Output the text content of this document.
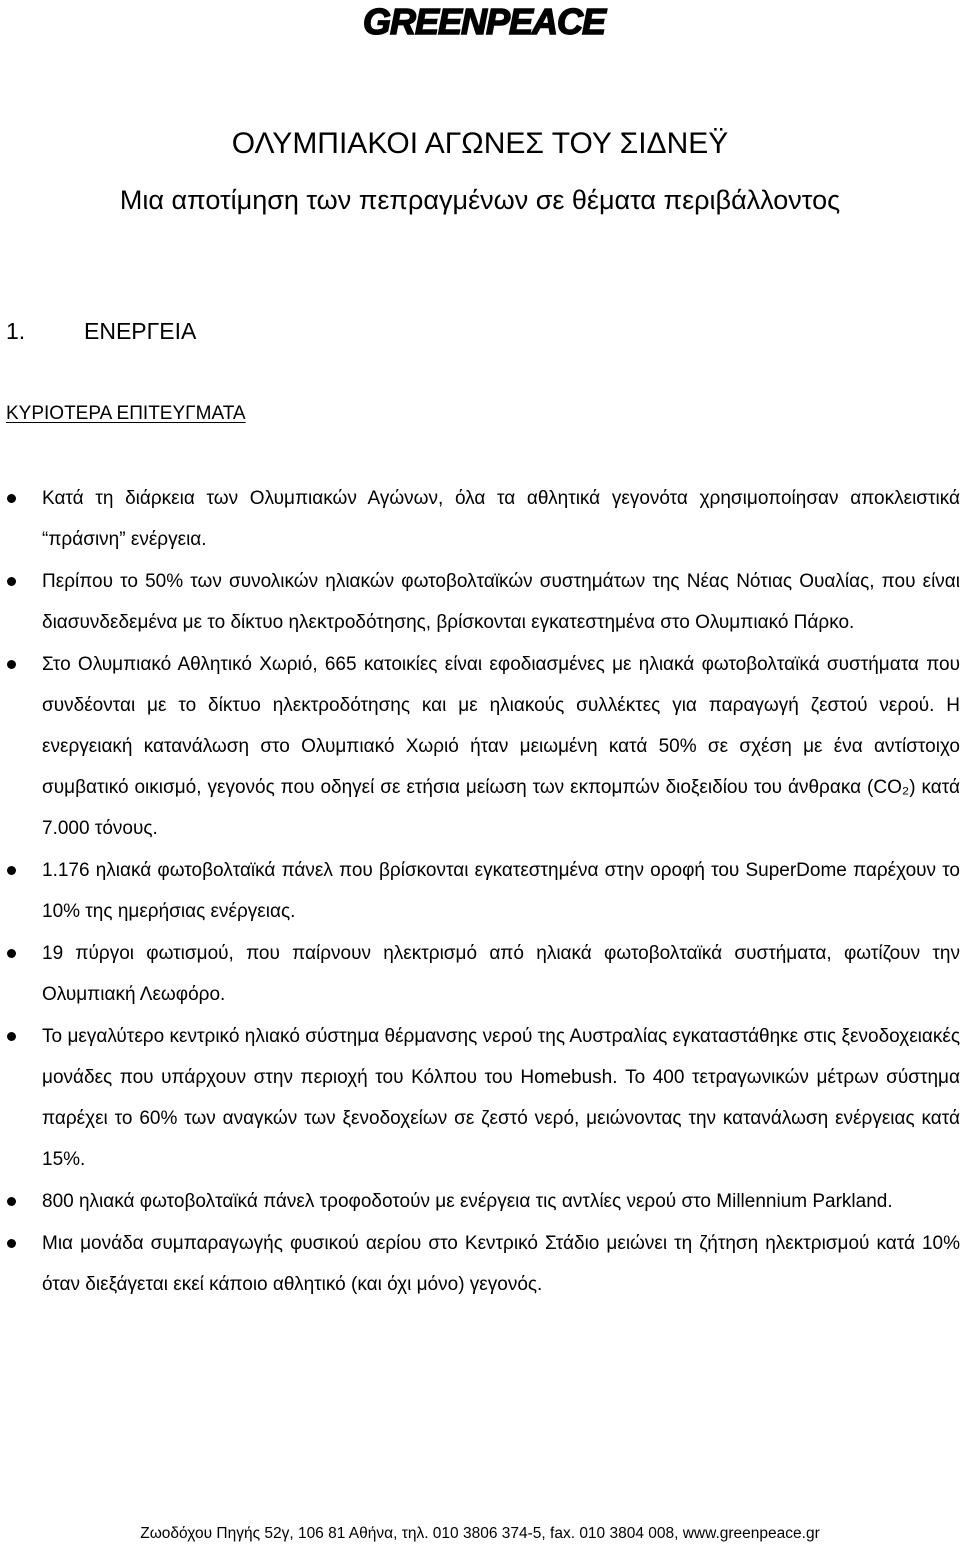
GREENPEACE
ΟΛΥΜΠΙΑΚΟΙ ΑΓΩΝΕΣ ΤΟΥ ΣΙΔΝΕΫ
Μια αποτίμηση των πεπραγμένων σε θέματα περιβάλλοντος
1.	ΕΝΕΡΓΕΙΑ
ΚΥΡΙΟΤΕΡΑ ΕΠΙΤΕΥΓΜΑΤΑ
Κατά τη διάρκεια των Ολυμπιακών Αγώνων, όλα τα αθλητικά γεγονότα χρησιμοποίησαν αποκλειστικά “πράσινη” ενέργεια.
Περίπου το 50% των συνολικών ηλιακών φωτοβολταϊκών συστημάτων της Νέας Νότιας Ουαλίας, που είναι διασυνδεδεμένα με το δίκτυο ηλεκτροδότησης, βρίσκονται εγκατεστημένα στο Ολυμπιακό Πάρκο.
Στο Ολυμπιακό Αθλητικό Χωριό, 665 κατοικίες είναι εφοδιασμένες με ηλιακά φωτοβολταϊκά συστήματα που συνδέονται με το δίκτυο ηλεκτροδότησης και με ηλιακούς συλλέκτες για παραγωγή ζεστού νερού. Η ενεργειακή κατανάλωση στο Ολυμπιακό Χωριό ήταν μειωμένη κατά 50% σε σχέση με ένα αντίστοιχο συμβατικό οικισμό, γεγονός που οδηγεί σε ετήσια μείωση των εκπομπών διοξειδίου του άνθρακα (CO₂) κατά 7.000 τόνους.
1.176 ηλιακά φωτοβολταϊκά πάνελ που βρίσκονται εγκατεστημένα στην οροφή του SuperDome παρέχουν το 10% της ημερήσιας ενέργειας.
19 πύργοι φωτισμού, που παίρνουν ηλεκτρισμό από ηλιακά φωτοβολταϊκά συστήματα, φωτίζουν την Ολυμπιακή Λεωφόρο.
Το μεγαλύτερο κεντρικό ηλιακό σύστημα θέρμανσης νερού της Αυστραλίας εγκαταστάθηκε στις ξενοδοχειακές μονάδες που υπάρχουν στην περιοχή του Κόλπου του Homebush. Το 400 τετραγωνικών μέτρων σύστημα παρέχει το 60% των αναγκών των ξενοδοχείων σε ζεστό νερό, μειώνοντας την κατανάλωση ενέργειας κατά 15%.
800 ηλιακά φωτοβολταϊκά πάνελ τροφοδοτούν με ενέργεια τις αντλίες νερού στο Millennium Parkland.
Μια μονάδα συμπαραγωγής φυσικού αερίου στο Κεντρικό Στάδιο μειώνει τη ζήτηση ηλεκτρισμού κατά 10% όταν διεξάγεται εκεί κάποιο αθλητικό (και όχι μόνο) γεγονός.
Ζωοδόχου Πηγής 52γ, 106 81 Αθήνα, τηλ. 010 3806 374-5, fax. 010 3804 008, www.greenpeace.gr
